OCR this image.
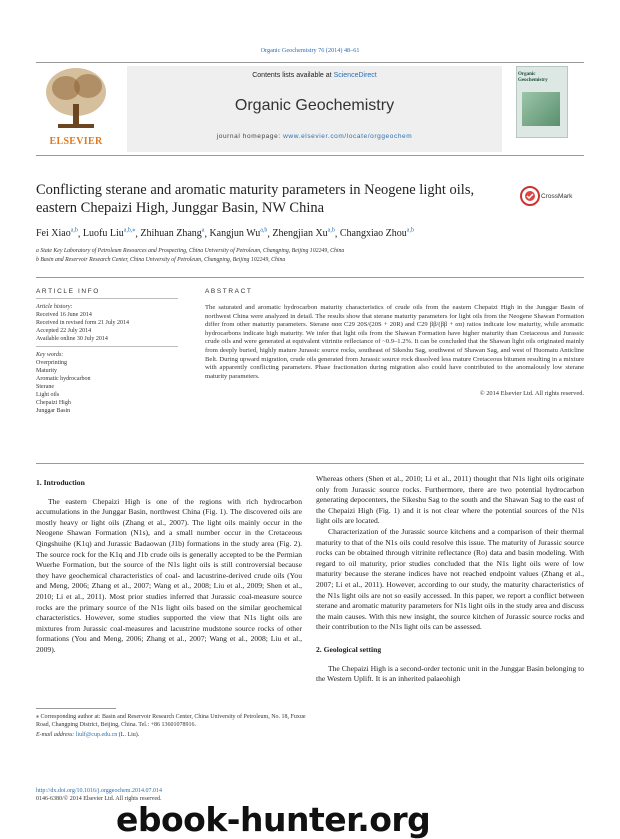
Organic Geochemistry 76 (2014) 48–61
ELSEVIER
Contents lists available at ScienceDirect
Organic Geochemistry
journal homepage: www.elsevier.com/locate/orggeochem
Organic Geochemistry
Conflicting sterane and aromatic maturity parameters in Neogene light oils, eastern Chepaizi High, Junggar Basin, NW China
CrossMark
Fei Xiao$^{a,b}$, Luofu Liu$^{a,b,⁎}$, Zhihuan Zhang$^a$, Kangjun Wu$^{a,b}$, Zhengjian Xu$^{a,b}$, Changxiao Zhou$^{a,b}$
a State Key Laboratory of Petroleum Resources and Prospecting, China University of Petroleum, Changping, Beijing 102249, China
b Basin and Reservoir Research Center, China University of Petroleum, Changping, Beijing 102249, China
ARTICLE INFO
Article history:
Received 16 June 2014
Received in revised form 21 July 2014
Accepted 22 July 2014
Available online 30 July 2014
Key words:
Overprinting
Maturity
Aromatic hydrocarbon
Sterane
Light oils
Chepaizi High
Junggar Basin
ABSTRACT
The saturated and aromatic hydrocarbon maturity characteristics of crude oils from the eastern Chepaizi High in the Junggar Basin of northwest China were analyzed in detail. The results show that sterane maturity parameters for light oils from the Neogene Shawan Formation differ from other maturity parameters. Sterane ααα C29 20S/(20S + 20R) and C29 ββ/(ββ + αα) ratios indicate low maturity, while aromatic hydrocarbons indicate high maturity. We infer that light oils from the Shawan Formation have higher maturity than Cretaceous and Jurassic crude oils and were generated at equivalent vitrinite reflectance of ~0.9–1.2%. It can be concluded that the Shawan light oils originated mainly from deeply buried, highly mature Jurassic source rocks, southeast of Sikeshu Sag, southwest of Shawan Sag, and west of Huomatu Anticline Belt. During upward migration, crude oils generated from Jurassic source rock dissolved less mature Cretaceous bitumen resulting in a mixture with apparently conflicting parameters. Phase fractionation during migration also could have contributed to the anomalously low sterane maturity parameters.
© 2014 Elsevier Ltd. All rights reserved.
1. Introduction

The eastern Chepaizi High is one of the regions with rich hydrocarbon accumulations in the Junggar Basin, northwest China (Fig. 1). The discovered oils are mostly heavy or light oils (Zhang et al., 2007). The light oils mainly occur in the Neogene Shawan Formation (N1s), and a small number occur in the Cretaceous Qingshuihe (K1q) and Jurassic Badaowan (J1b) formations in the study area (Fig. 2). The source rock for the K1q and J1b crude oils is generally accepted to be the Permian Wuerhe Formation, but the source of the N1s light oils is still controversial because they have geochemical characteristics of coal- and lacustrine-derived crude oils (You and Meng, 2006; Zhang et al., 2007; Wang et al., 2008; Liu et al., 2009; Shen et al., 2010; Li et al., 2011). Most prior studies inferred that Jurassic coal-measure source rocks are the primary source of the N1s light oils based on the similar geochemical characteristics. However, some studies supported the view that N1s light oils are mixtures from Jurassic coal-measures and lacustrine mudstone source rocks of other formations (You and Meng, 2006; Zhang et al., 2007; Wang et al., 2008; Liu et al., 2009).

Whereas others (Shen et al., 2010; Li et al., 2011) thought that N1s light oils originate only from Jurassic source rocks. Furthermore, there are two potential hydrocarbon generating depocenters, the Sikeshu Sag to the south and the Shawan Sag to the east of the Chepaizi High (Fig. 1) and it is not clear where the potential sources of the N1s light oils are located.

Characterization of the Jurassic source kitchens and a comparison of their thermal maturity to that of the N1s oils could resolve this issue. The maturity of Jurassic source rocks can be obtained through vitrinite reflectance (Ro) data and basin modeling. With regard to oil maturity, prior studies concluded that the N1s light oils were of low maturity because the sterane indices have not reached endpoint values (Zhang et al., 2007; Li et al., 2011). However, according to our study, the maturity characteristics of the N1s light oils are not so easily accessed. In this paper, we report a conflict between sterane and aromatic maturity parameters for N1s light oils in the study area and discuss the main causes. With this new insight, the source kitchen of Jurassic source rocks and their contribution to the N1s light oils can be assessed.

2. Geological setting

The Chepaizi High is a second-order tectonic unit in the Junggar Basin belonging to the Western Uplift. It is an inherited palaeohigh

⁎ Corresponding author at: Basin and Reservoir Research Center, China University of Petroleum, No. 18, Fuxue Road, Changping District, Beijing, China. Tel.: +86 13601078916.
E-mail address: liulf@cup.edu.cn (L. Liu).
http://dx.doi.org/10.1016/j.orggeochem.2014.07.014
0146-6380/© 2014 Elsevier Ltd. All rights reserved.
ebook-hunter.org
